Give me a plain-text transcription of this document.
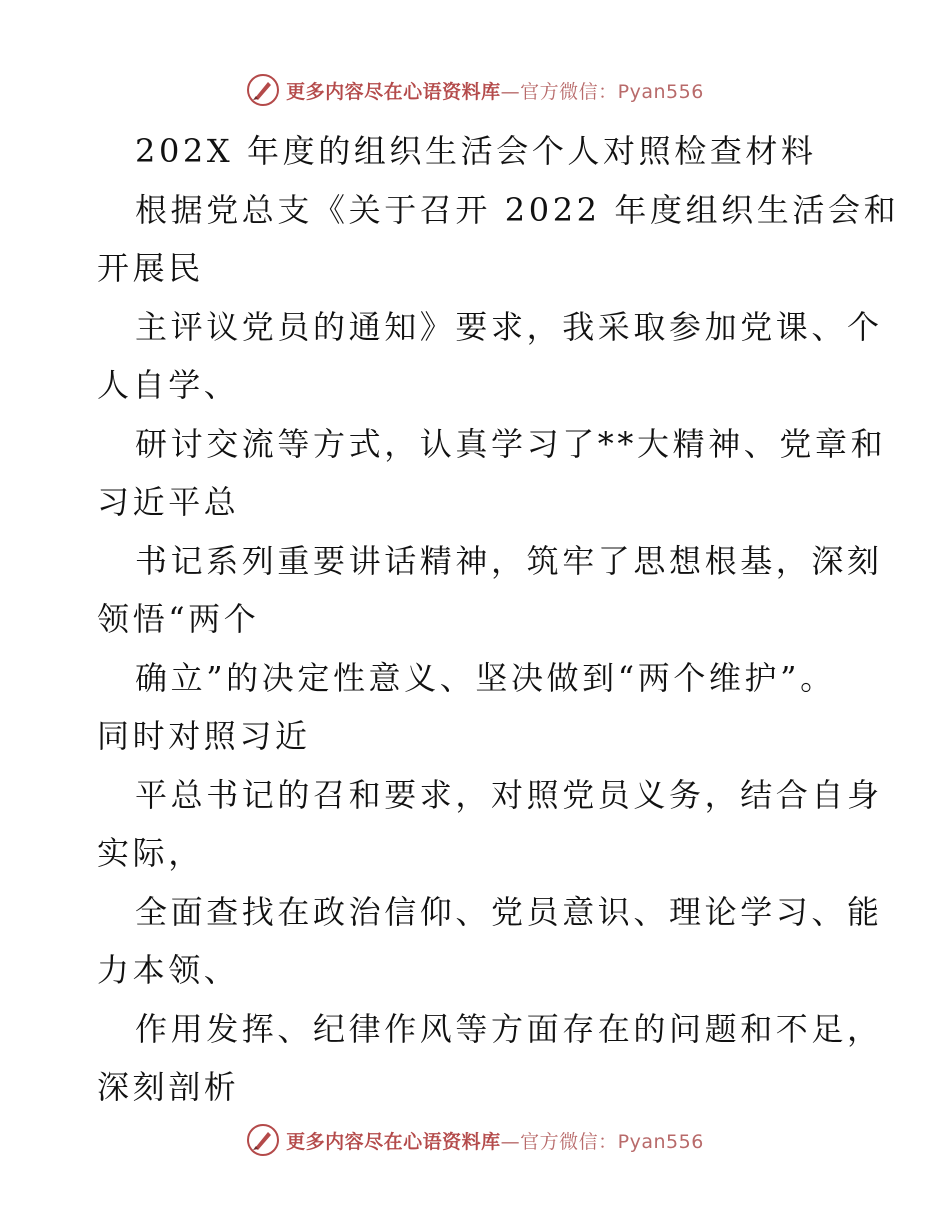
更多内容尽在心语资料库—官方微信：Pyan556
202X 年度的组织生活会个人对照检查材料
根据党总支《关于召开 2022 年度组织生活会和
开展民
主评议党员的通知》要求，我采取参加党课、个
人自学、
研讨交流等方式，认真学习了**大精神、党章和
习近平总
书记系列重要讲话精神，筑牢了思想根基，深刻
领悟“两个
确立”的决定性意义、坚决做到“两个维护”。
同时对照习近
平总书记的召和要求，对照党员义务，结合自身
实际，
全面查找在政治信仰、党员意识、理论学习、能
力本领、
作用发挥、纪律作风等方面存在的问题和不足，
深刻剖析
更多内容尽在心语资料库—官方微信：Pyan556
